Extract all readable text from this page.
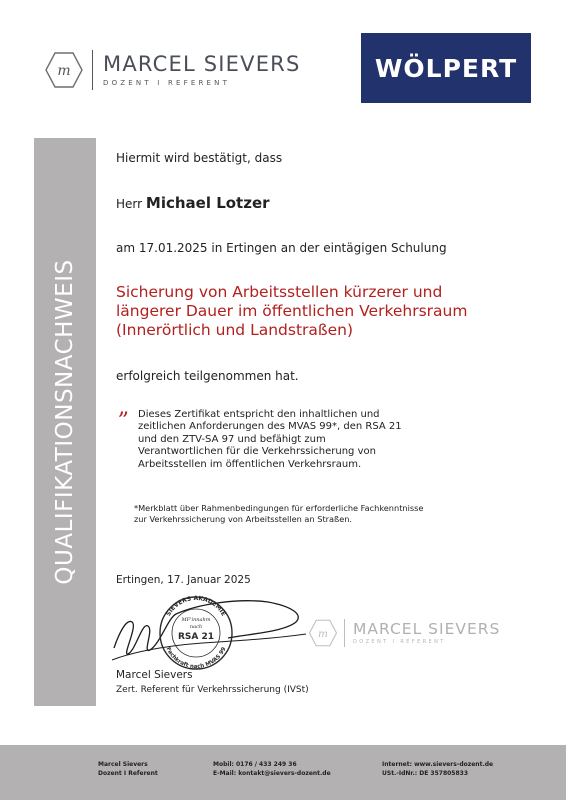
m MARCEL SIEVERS
DOZENT I REFERENT
WÖLPERT
QUALIFIKATIONSNACHWEIS
Hiermit wird bestätigt, dass
Herr Michael Lotzer
am 17.01.2025 in Ertingen an der eintägigen Schulung
Sicherung von Arbeitsstellen kürzerer und
längerer Dauer im öffentlichen Verkehrsraum
(Innerörtlich und Landstraßen)
erfolgreich teilgenommen hat.
„ Dieses Zertifikat entspricht den inhaltlichen und
zeitlichen Anforderungen des MVAS 99*, den RSA 21
und den ZTV-SA 97 und befähigt zum
Verantwortlichen für die Verkehrssicherung von
Arbeitsstellen im öffentlichen Verkehrsraum.
*Merkblatt über Rahmenbedingungen für erforderliche Fachkenntnisse
zur Verkehrssicherung von Arbeitsstellen an Straßen.
Ertingen, 17. Januar 2025
SIEVERS AKADEMIE
Fachkraft nach MVAS 99
MF'innahm
nach
RSA 21	m MARCEL SIEVERS
DOZENT I REFERENT
Marcel Sievers
Zert. Referent für Verkehrssicherung (IVSt)
Marcel Sievers
Dozent I Referent
Mobil: 0176 / 433 249 36
E-Mail: kontakt@sievers-dozent.de
Internet: www.sievers-dozent.de
USt.-IdNr.: DE 357805833
